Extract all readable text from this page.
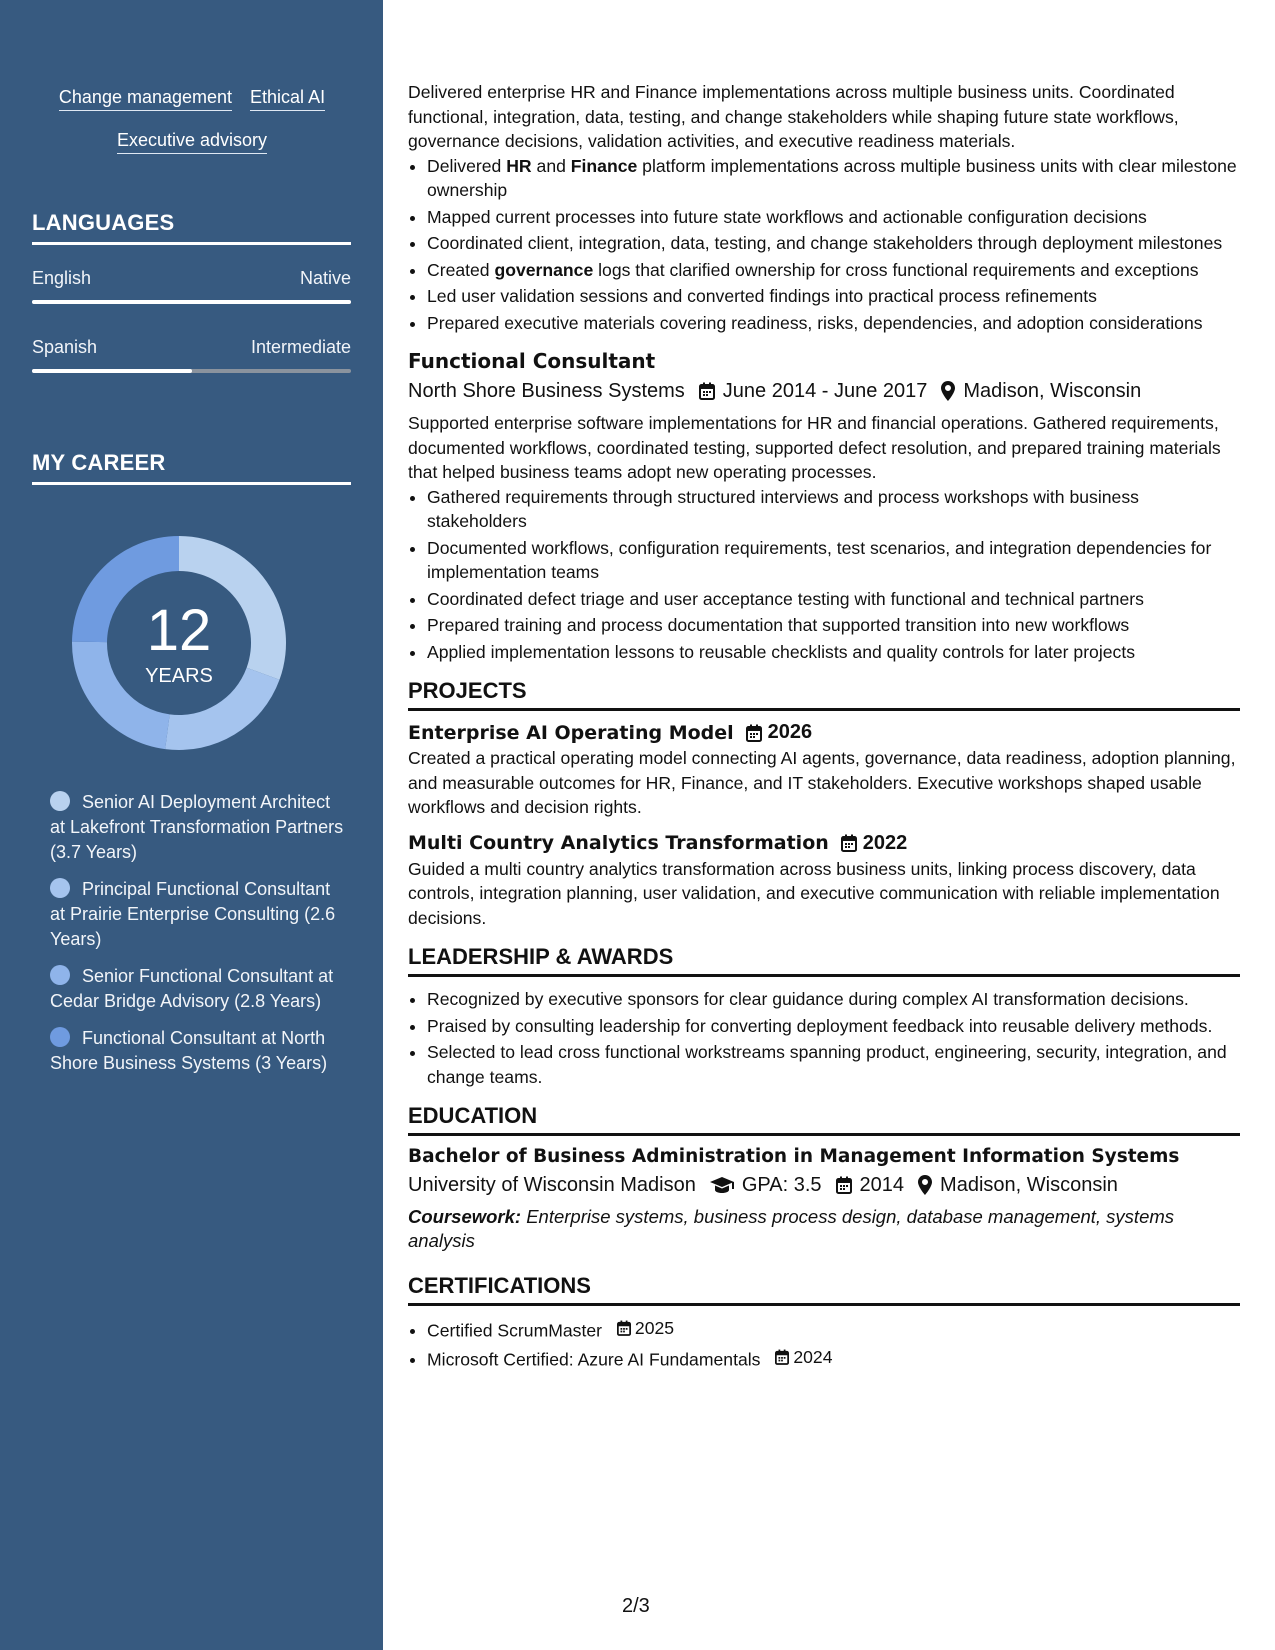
Change management Ethical AI
Executive advisory
LANGUAGES
English	Native
Spanish	Intermediate
MY CAREER
12
YEARS
Senior AI Deployment Architect at Lakefront Transformation Partners (3.7 Years)
Principal Functional Consultant at Prairie Enterprise Consulting (2.6 Years)
Senior Functional Consultant at Cedar Bridge Advisory (2.8 Years)
Functional Consultant at North Shore Business Systems (3 Years)

Delivered enterprise HR and Finance implementations across multiple business units. Coordinated functional, integration, data, testing, and change stakeholders while shaping future state workflows, governance decisions, validation activities, and executive readiness materials.

• Delivered HR and Finance platform implementations across multiple business units with clear milestone ownership
• Mapped current processes into future state workflows and actionable configuration decisions
• Coordinated client, integration, data, testing, and change stakeholders through deployment milestones
• Created governance logs that clarified ownership for cross functional requirements and exceptions
• Led user validation sessions and converted findings into practical process refinements
• Prepared executive materials covering readiness, risks, dependencies, and adoption considerations
Functional Consultant
North Shore Business Systems June 2014 - June 2017 Madison, Wisconsin

Supported enterprise software implementations for HR and financial operations. Gathered requirements, documented workflows, coordinated testing, supported defect resolution, and prepared training materials that helped business teams adopt new operating processes.

• Gathered requirements through structured interviews and process workshops with business stakeholders
• Documented workflows, configuration requirements, test scenarios, and integration dependencies for implementation teams
• Coordinated defect triage and user acceptance testing with functional and technical partners
• Prepared training and process documentation that supported transition into new workflows
• Applied implementation lessons to reusable checklists and quality controls for later projects
PROJECTS
Enterprise AI Operating Model 2026

Created a practical operating model connecting AI agents, governance, data readiness, adoption planning, and measurable outcomes for HR, Finance, and IT stakeholders. Executive workshops shaped usable workflows and decision rights.

Multi Country Analytics Transformation 2022

Guided a multi country analytics transformation across business units, linking process discovery, data controls, integration planning, user validation, and executive communication with reliable implementation decisions.

LEADERSHIP & AWARDS
• Recognized by executive sponsors for clear guidance during complex AI transformation decisions.
• Praised by consulting leadership for converting deployment feedback into reusable delivery methods.
• Selected to lead cross functional workstreams spanning product, engineering, security, integration, and change teams.
EDUCATION
Bachelor of Business Administration in Management Information Systems
University of Wisconsin Madison GPA: 3.5 2014 Madison, Wisconsin
Coursework: Enterprise systems, business process design, database management, systems analysis
CERTIFICATIONS
• Certified ScrumMaster 2025
• Microsoft Certified: Azure AI Fundamentals 2024
2/3
